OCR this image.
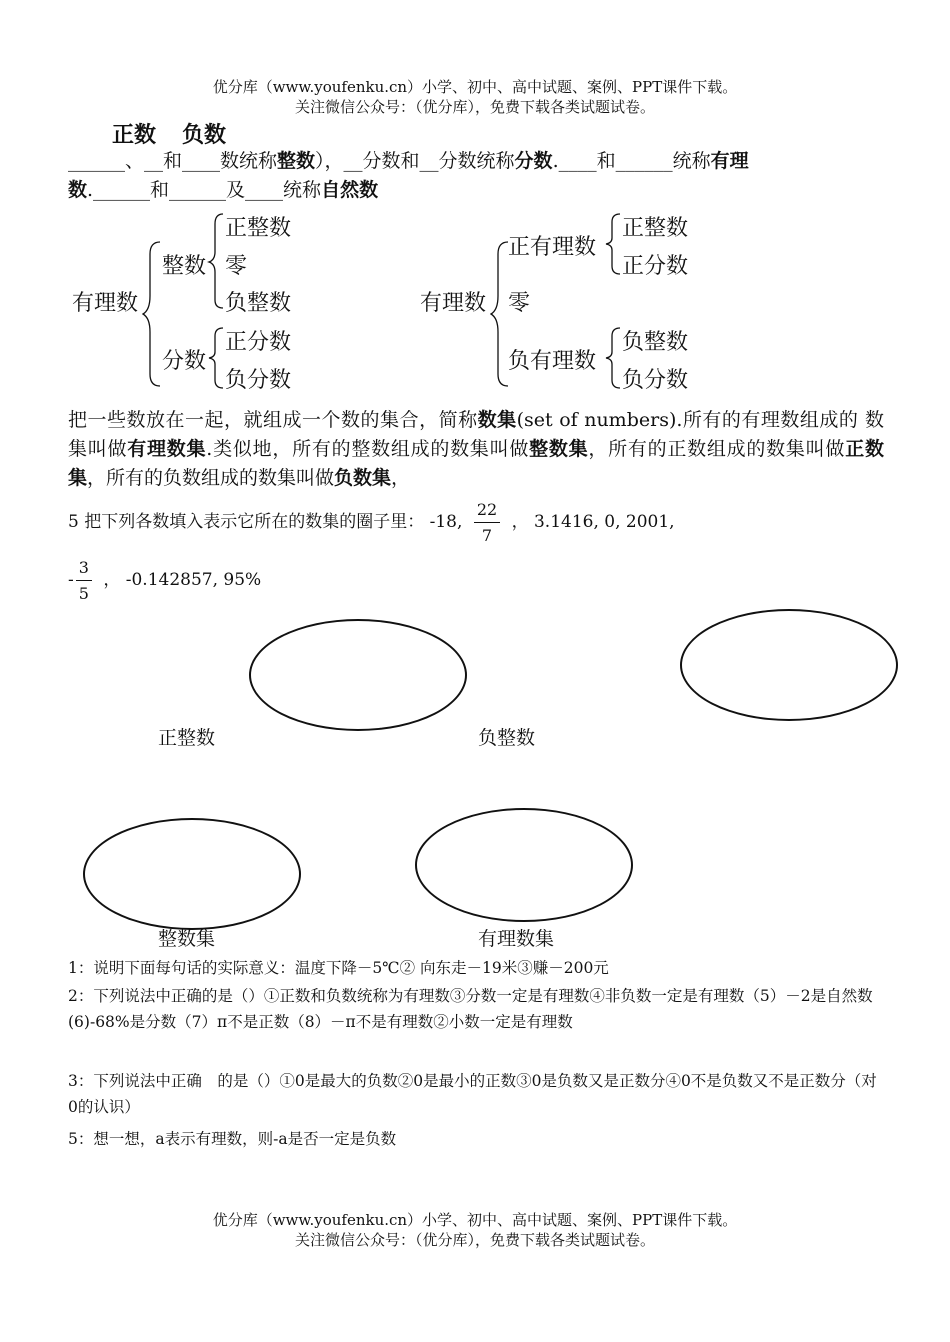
优分库（www.youfenku.cn）小学、初中、高中试题、案例、PPT课件下载。
关注微信公众号：（优分库），免费下载各类试题试卷。
正数 负数
______、__和____数统称整数），__分数和__分数统称分数.____和______统称有理
数.______和______及____统称自然数
有理数
整数
分数
正整数
零
负整数
正分数
负分数
有理数
正有理数
零
负有理数
正整数
正分数
负整数
负分数
把一些数放在一起，就组成一个数的集合，简称数集(set of numbers).所有的有理数组成的 数集叫做有理数集.类似地，所有的整数组成的数集叫做整数集，所有的正数组成的数集叫做正数集，所有的负数组成的数集叫做负数集，
5 把下列各数填入表示它所在的数集的圈子里： -18, $\frac{22}{7}$ ， 3.1416, 0, 2001,
- $\frac{3}{5}$ ， -0.142857, 95%
正整数	负整数
整数集	有理数集
1：说明下面每句话的实际意义：温度下降－5℃② 向东走－19米③赚－200元
2：下列说法中正确的是（）①正数和负数统称为有理数③分数一定是有理数④非负数一定是有理数（5）－2是自然数(6)-68%是分数（7）π不是正数（8）－π不是有理数②小数一定是有理数
3：下列说法中正确　的是（）①0是最大的负数②0是最小的正数③0是负数又是正数分④0不是负数又不是正数分（对0的认识）
5：想一想，a表示有理数，则-a是否一定是负数
优分库（www.youfenku.cn）小学、初中、高中试题、案例、PPT课件下载。
关注微信公众号：（优分库），免费下载各类试题试卷。
